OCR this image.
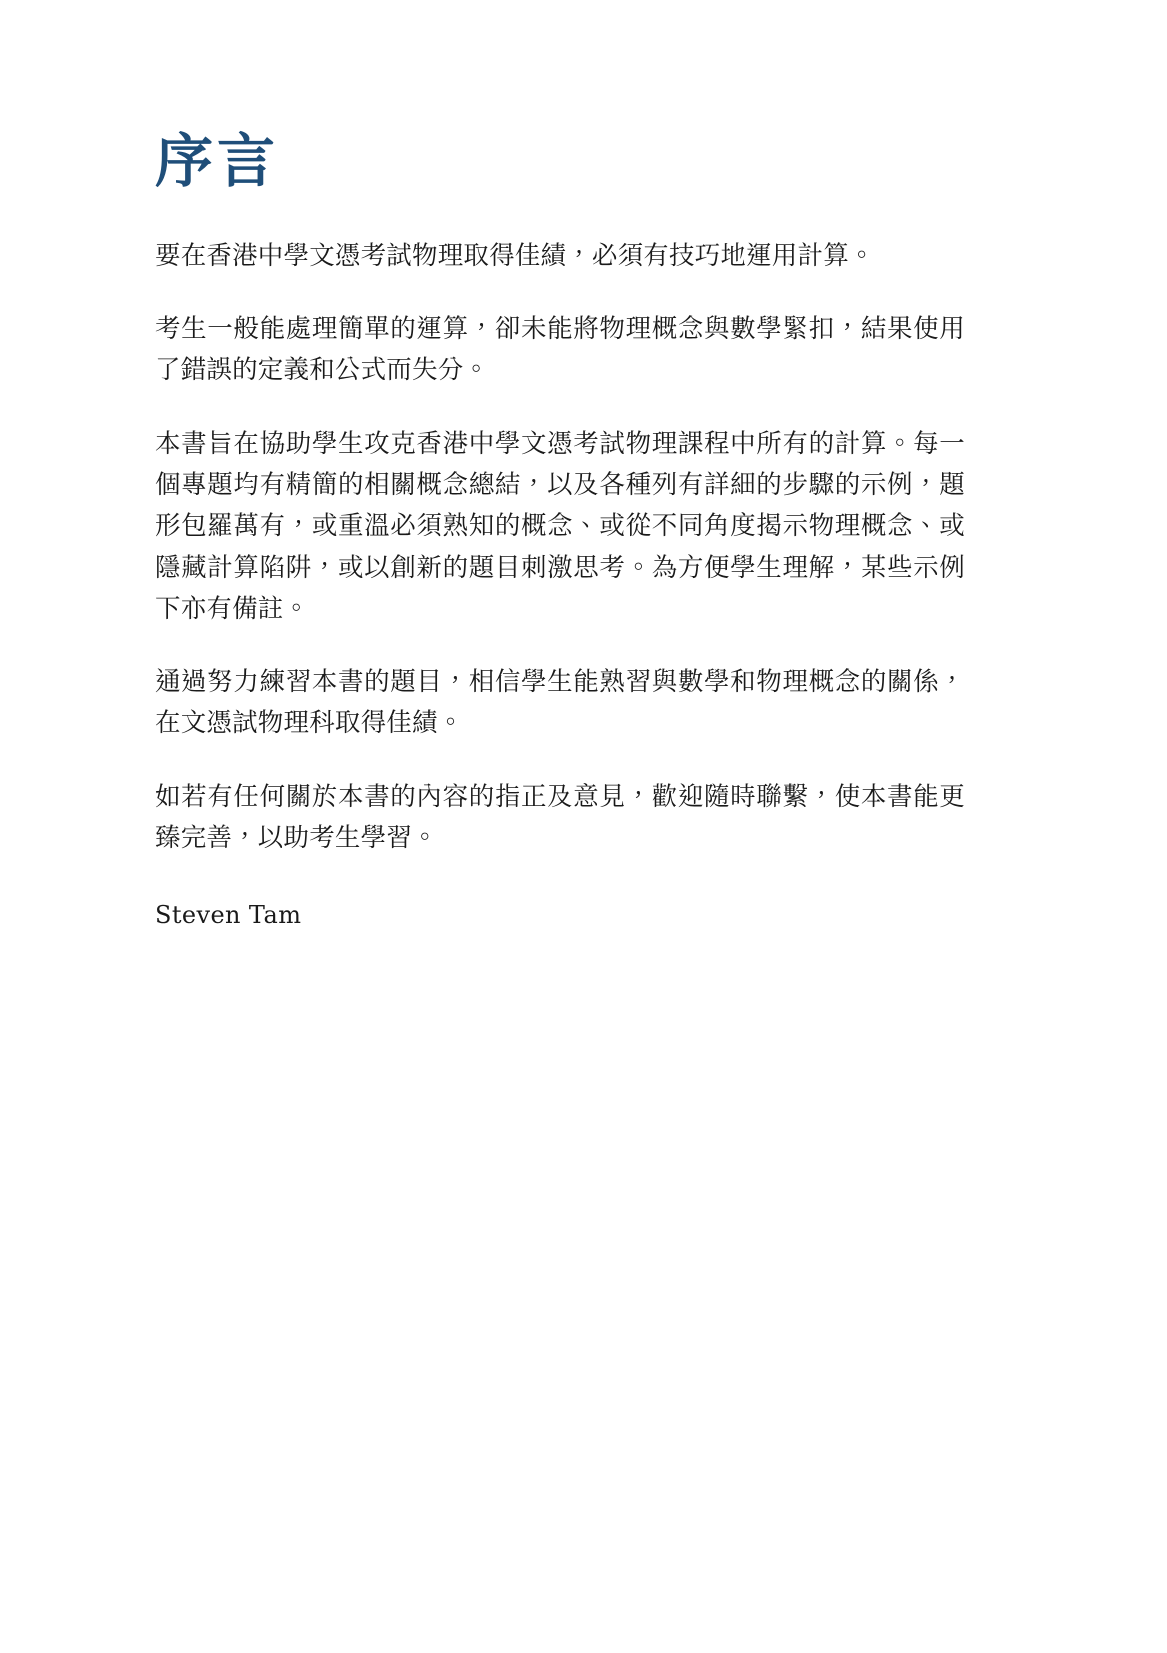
序言

要在香港中學文憑考試物理取得佳績，必須有技巧地運用計算。

考生一般能處理簡單的運算，卻未能將物理概念與數學緊扣，結果使用了錯誤的定義和公式而失分。

本書旨在協助學生攻克香港中學文憑考試物理課程中所有的計算。每一個專題均有精簡的相關概念總結，以及各種列有詳細的步驟的示例，題形包羅萬有，或重溫必須熟知的概念、或從不同角度揭示物理概念、或隱藏計算陷阱，或以創新的題目刺激思考。為方便學生理解，某些示例下亦有備註。

通過努力練習本書的題目，相信學生能熟習與數學和物理概念的關係，在文憑試物理科取得佳績。

如若有任何關於本書的內容的指正及意見，歡迎隨時聯繫，使本書能更臻完善，以助考生學習。

Steven Tam
